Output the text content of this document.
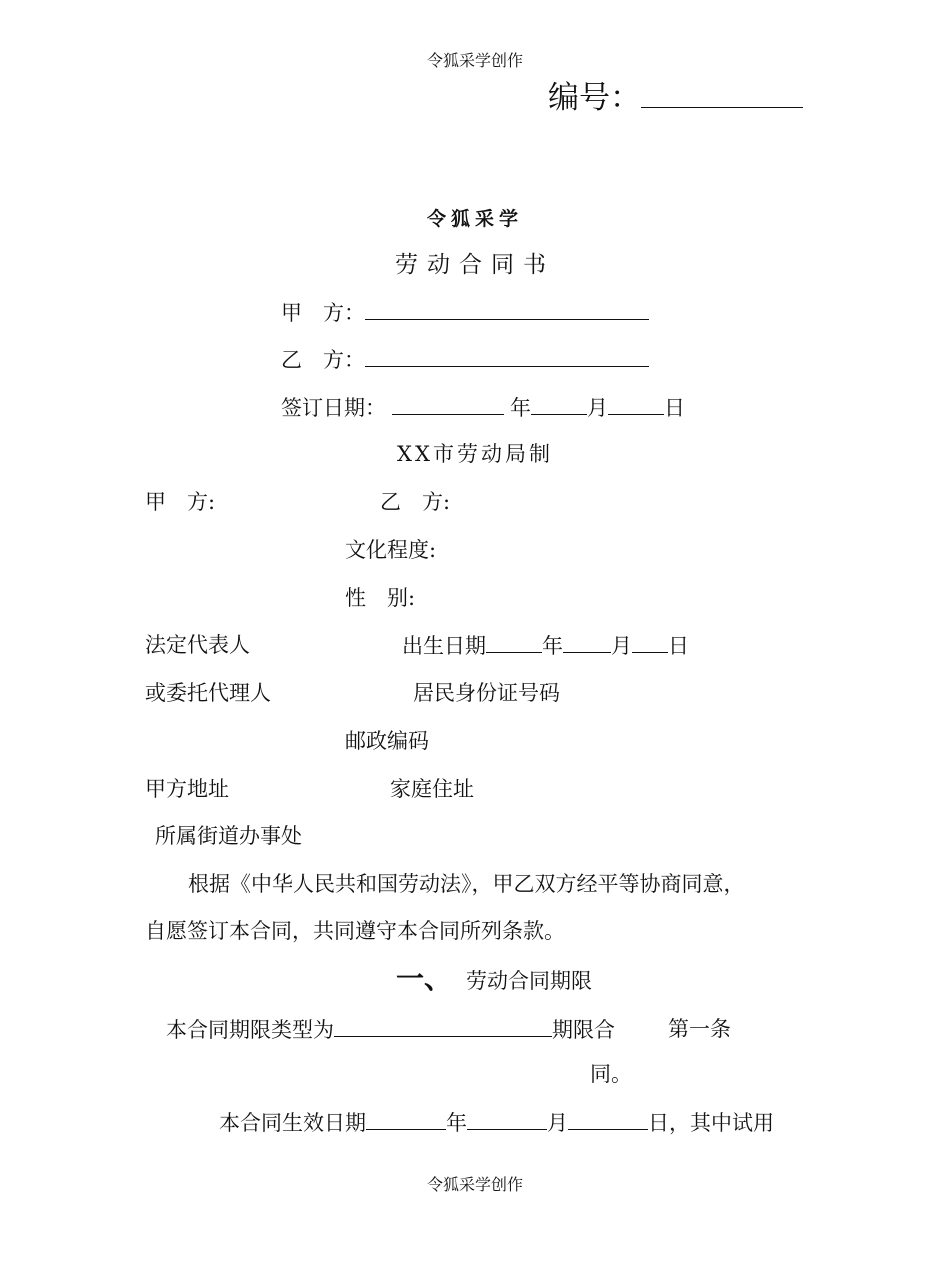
令狐采学创作
编号：
令狐采学
劳动合同书
甲　方：
乙　方：
签订日期：	年	月	日
XX市劳动局制
甲　方:	乙　方:
文化程度:
性　别:
法定代表人	出生日期	年 月 日
或委托代理人	居民身份证号码
邮政编码
甲方地址	家庭住址
所属街道办事处
根据《中华人民共和国劳动法》，甲乙双方经平等协商同意，
自愿签订本合同，共同遵守本合同所列条款。
一、 劳动合同期限
本合同期限类型为	期限合	第一条
同。
本合同生效日期	年	月	日，其中试用
令狐采学创作
